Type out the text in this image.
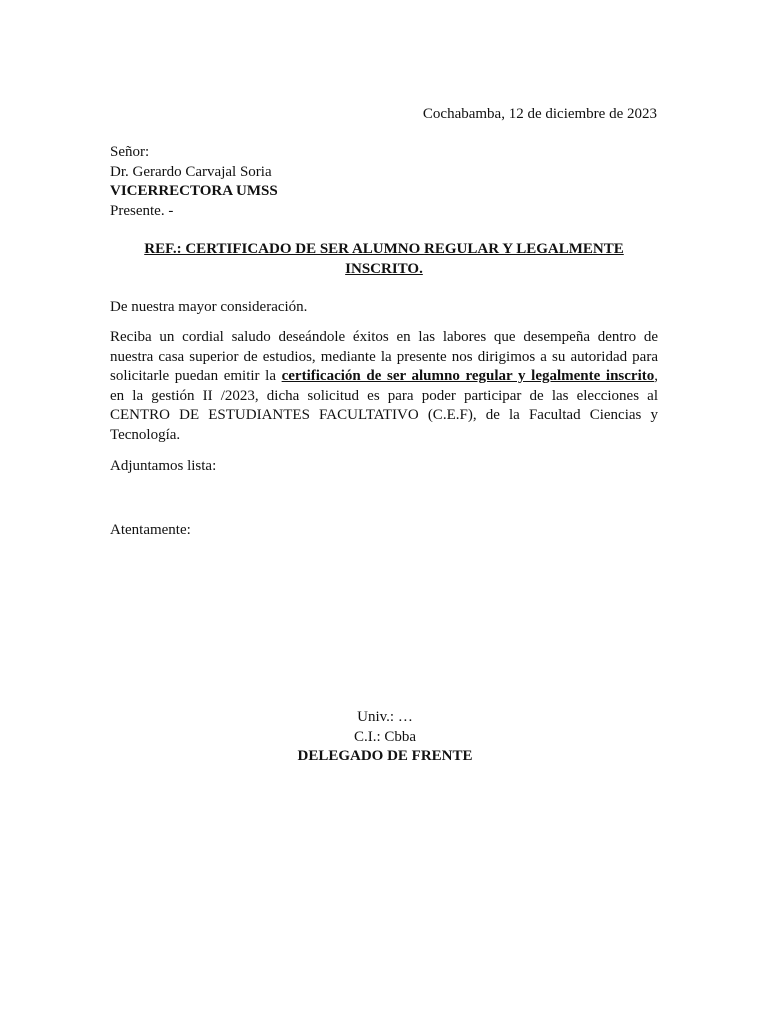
Cochabamba, 12 de diciembre de 2023
Señor:
Dr. Gerardo Carvajal Soria
VICERRECTORA UMSS
Presente. -
REF.: CERTIFICADO DE SER ALUMNO REGULAR Y LEGALMENTE
INSCRITO.
De nuestra mayor consideración.
Reciba un cordial saludo deseándole éxitos en las labores que desempeña dentro de
nuestra casa superior de estudios, mediante la presente nos dirigimos a su autoridad para
solicitarle puedan emitir la certificación de ser alumno regular y legalmente inscrito,
en la gestión II /2023, dicha solicitud es para poder participar de las elecciones al
CENTRO DE ESTUDIANTES FACULTATIVO (C.E.F), de la Facultad Ciencias y
Tecnología.
Adjuntamos lista:
Atentamente:
Univ.: …
C.I.: Cbba
DELEGADO DE FRENTE
